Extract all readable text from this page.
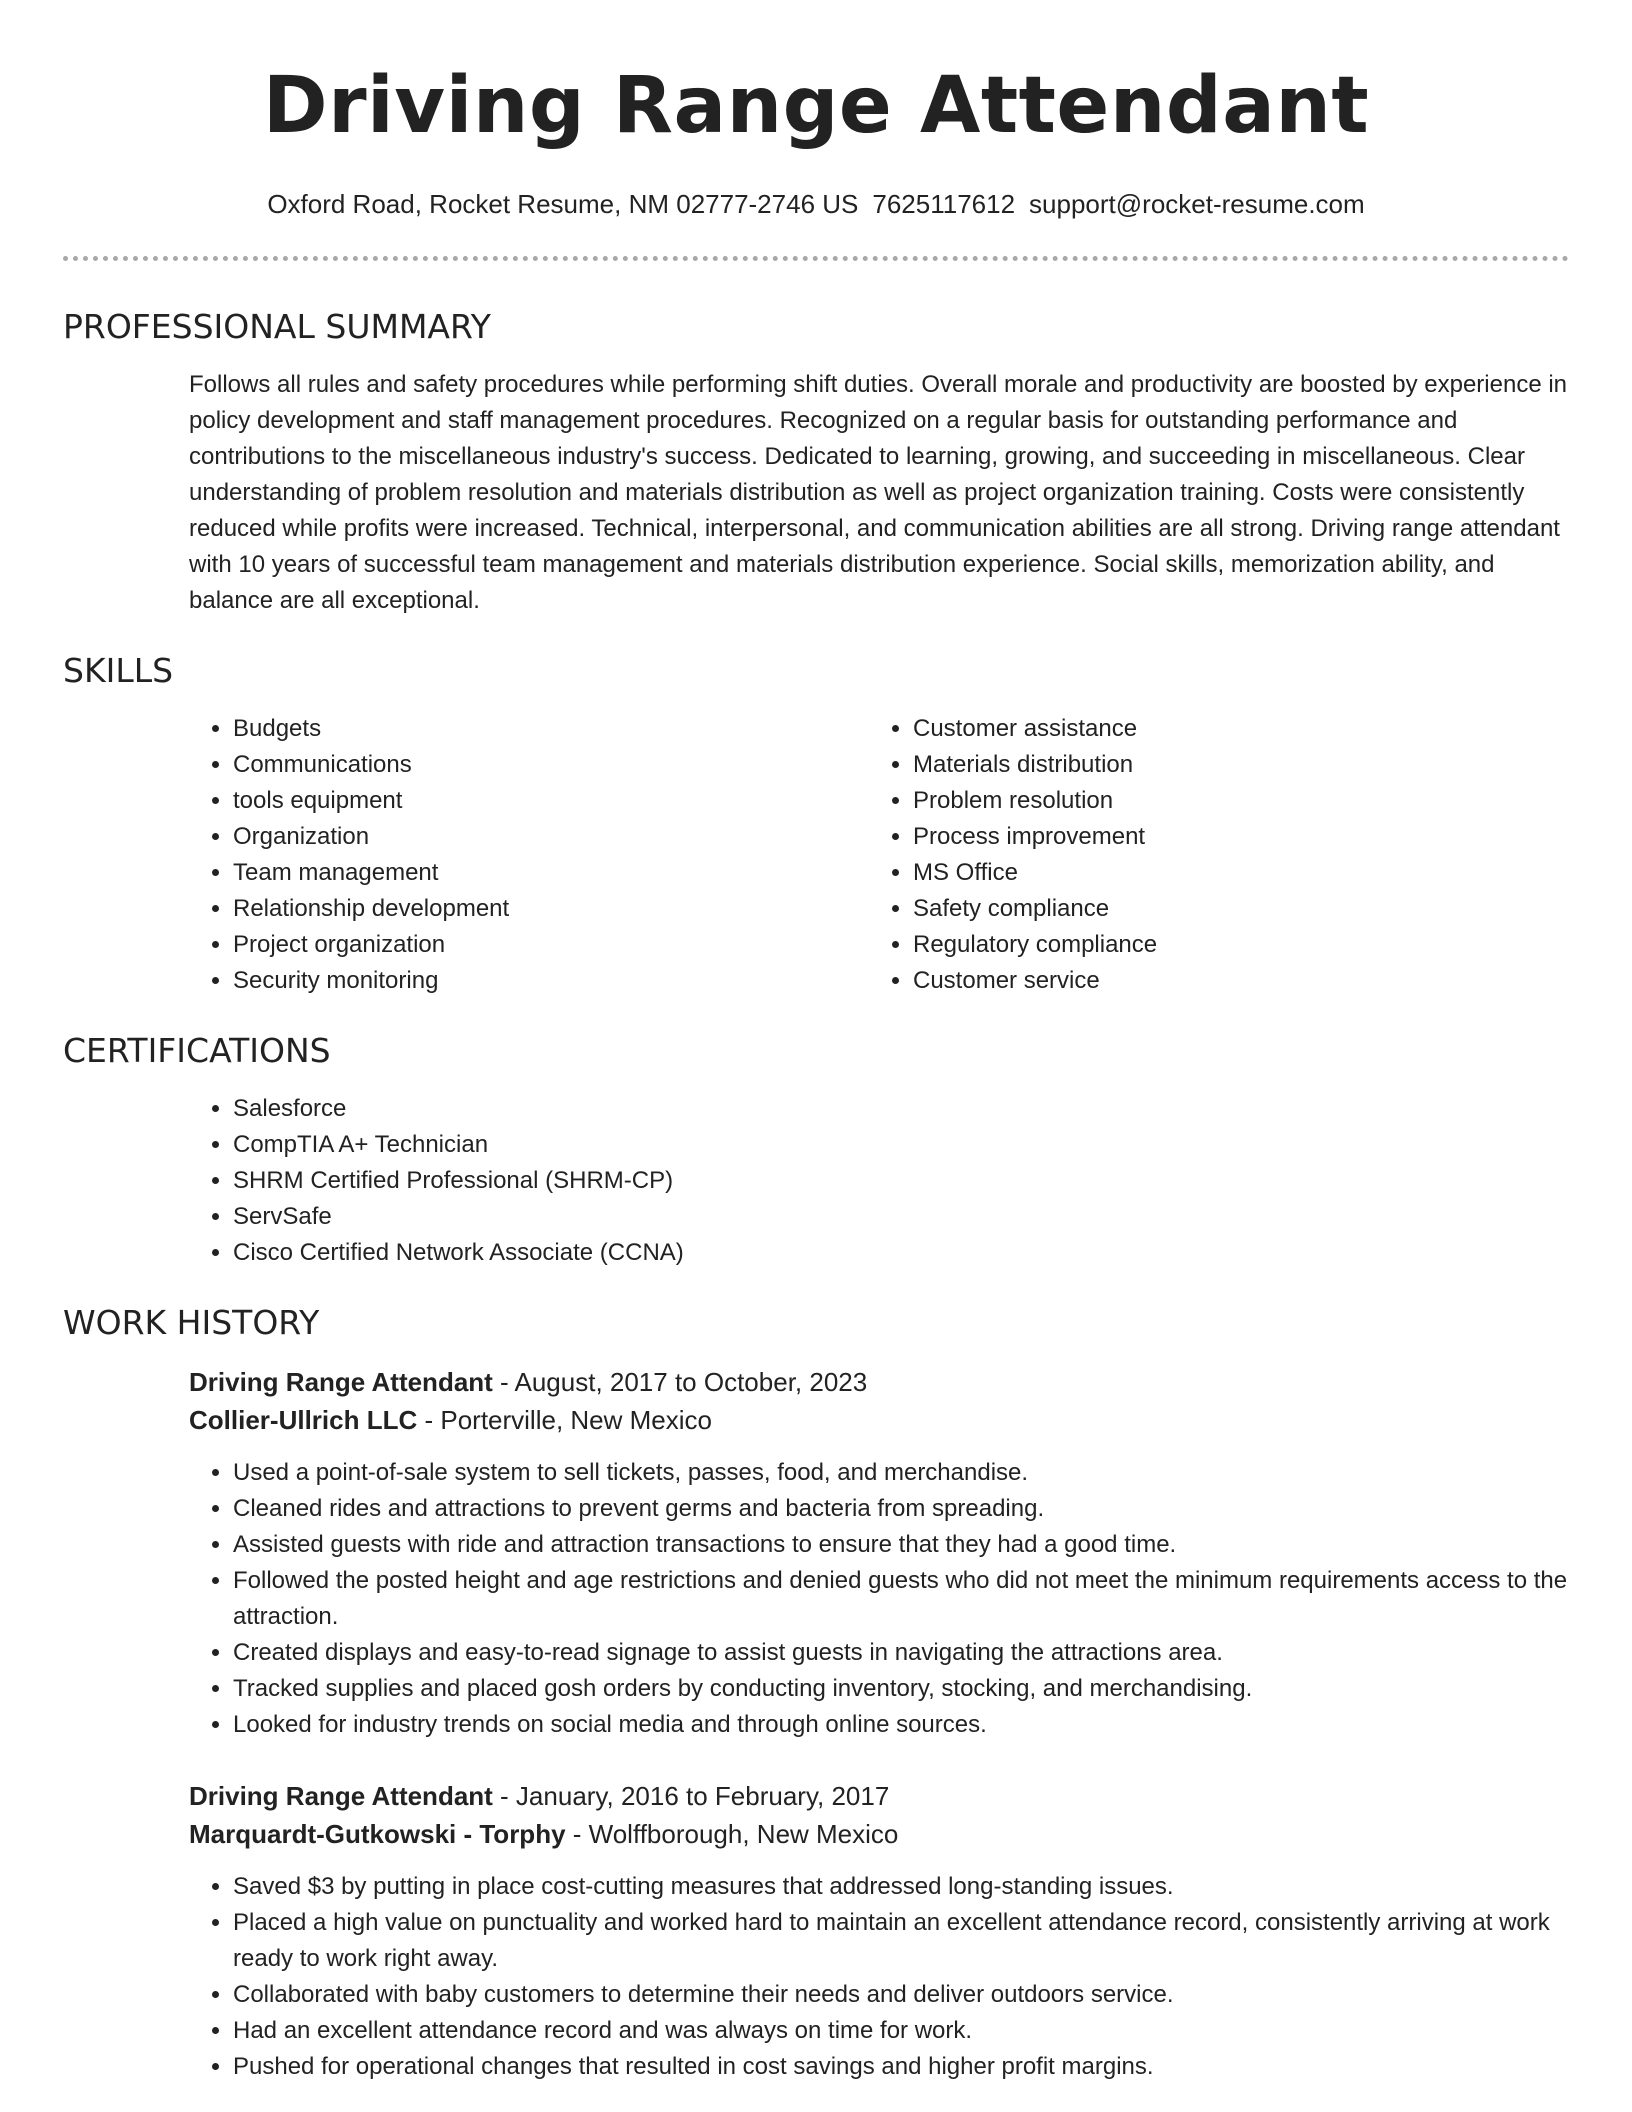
Driving Range Attendant
Oxford Road, Rocket Resume, NM 02777-2746 US 7625117612 support@rocket-resume.com
PROFESSIONAL SUMMARY
Follows all rules and safety procedures while performing shift duties. Overall morale and productivity are boosted by experience in policy development and staff management procedures. Recognized on a regular basis for outstanding performance and contributions to the miscellaneous industry's success. Dedicated to learning, growing, and succeeding in miscellaneous. Clear understanding of problem resolution and materials distribution as well as project organization training. Costs were consistently reduced while profits were increased. Technical, interpersonal, and communication abilities are all strong. Driving range attendant with 10 years of successful team management and materials distribution experience. Social skills, memorization ability, and balance are all exceptional.
SKILLS
• Budgets
• Communications
• tools equipment
• Organization
• Team management
• Relationship development
• Project organization
• Security monitoring
• Customer assistance
• Materials distribution
• Problem resolution
• Process improvement
• MS Office
• Safety compliance
• Regulatory compliance
• Customer service
CERTIFICATIONS
• Salesforce
• CompTIA A+ Technician
• SHRM Certified Professional (SHRM-CP)
• ServSafe
• Cisco Certified Network Associate (CCNA)
WORK HISTORY
Driving Range Attendant - August, 2017 to October, 2023
Collier-Ullrich LLC - Porterville, New Mexico
• Used a point-of-sale system to sell tickets, passes, food, and merchandise.
• Cleaned rides and attractions to prevent germs and bacteria from spreading.
• Assisted guests with ride and attraction transactions to ensure that they had a good time.
• Followed the posted height and age restrictions and denied guests who did not meet the minimum requirements access to the attraction.
• Created displays and easy-to-read signage to assist guests in navigating the attractions area.
• Tracked supplies and placed gosh orders by conducting inventory, stocking, and merchandising.
• Looked for industry trends on social media and through online sources.
Driving Range Attendant - January, 2016 to February, 2017
Marquardt-Gutkowski - Torphy - Wolffborough, New Mexico
• Saved $3 by putting in place cost-cutting measures that addressed long-standing issues.
• Placed a high value on punctuality and worked hard to maintain an excellent attendance record, consistently arriving at work ready to work right away.
• Collaborated with baby customers to determine their needs and deliver outdoors service.
• Had an excellent attendance record and was always on time for work.
• Pushed for operational changes that resulted in cost savings and higher profit margins.
